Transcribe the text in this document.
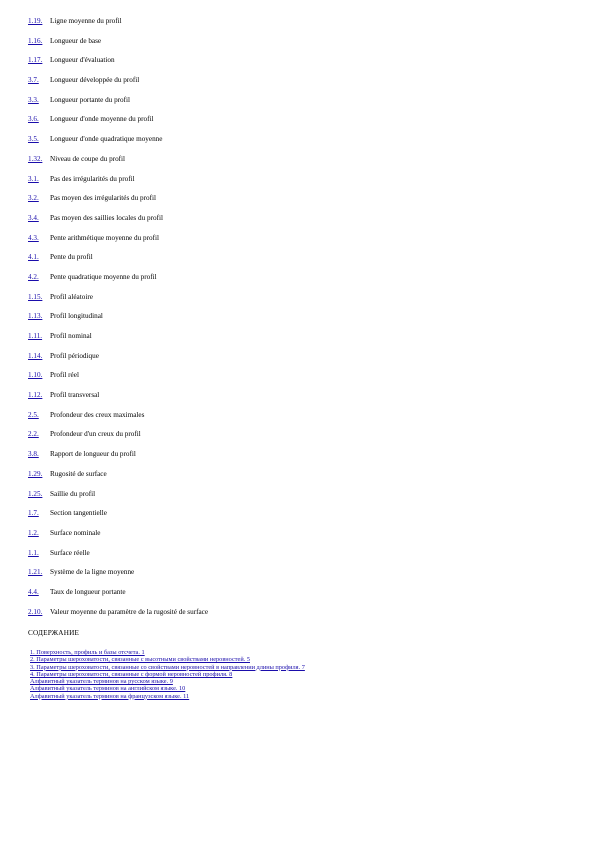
1.19.	Ligne moyenne du profil
1.16.	Longueur de base
1.17.	Longueur d'évaluation
3.7.	Longueur développée du profil
3.3.	Longueur portante du profil
3.6.	Longueur d'onde moyenne du profil
3.5.	Longueur d'onde quadratique moyenne
1.32.	Niveau de coupe du profil
3.1.	Pas des irrégularités du profil
3.2.	Pas moyen des irrégularités du profil
3.4.	Pas moyen des saillies locales du profil
4.3.	Pente arithmétique moyenne du profil
4.1.	Pente du profil
4.2.	Pente quadratique moyenne du profil
1.15.	Profil aléatoire
1.13.	Profil longitudinal
1.11.	Profil nominal
1.14.	Profil périodique
1.10.	Profil réel
1.12.	Profil transversal
2.5.	Profondeur des creux maximales
2.2.	Profondeur d'un creux du profil
3.8.	Rapport de longueur du profil
1.29.	Rugosité de surface
1.25.	Saillie du profil
1.7.	Section tangentielle
1.2.	Surface nominale
1.1.	Surface réelle
1.21.	Système de la ligne moyenne
4.4.	Taux de longueur portante
2.10.	Valeur moyenne du paramètre de la rugosité de surface
СОДЕРЖАНИЕ
1. Поверхность, профиль и базы отсчета. 1
2. Параметры шероховатости, связанные с высотными свойствами неровностей. 5
3. Параметры шероховатости, связанные со свойствами неровностей в направлении длины профиля. 7
4. Параметры шероховатости, связанные с формой неровностей профиля. 8
Алфавитный указатель терминов на русском языке. 9
Алфавитный указатель терминов на английском языке. 10
Алфавитный указатель терминов на французском языке. 11
